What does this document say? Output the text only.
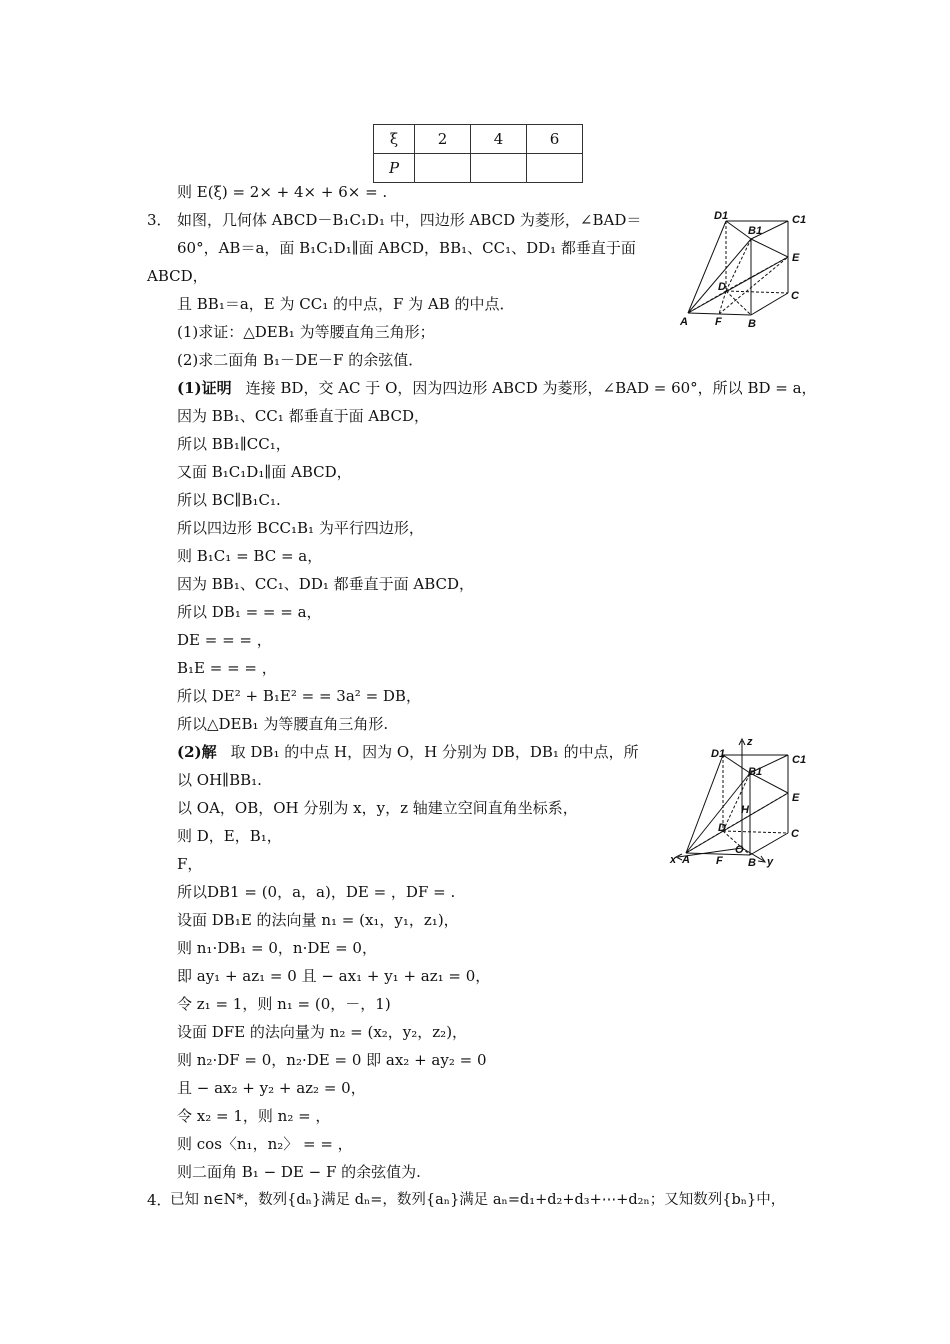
ξ	2	4	6
P			
则 E(ξ) = 2× + 4× + 6× = .
3． 如图，几何体 ABCD－B₁C₁D₁ 中，四边形 ABCD 为菱形，∠BAD＝
60°，AB＝a，面 B₁C₁D₁∥面 ABCD，BB₁、CC₁、DD₁ 都垂直于面
ABCD，
且 BB₁＝a，E 为 CC₁ 的中点，F 为 AB 的中点．
(1)求证：△DEB₁ 为等腰直角三角形；
(2)求二面角 B₁－DE－F 的余弦值．
(1)证明 连接 BD，交 AC 于 O，因为四边形 ABCD 为菱形，∠BAD = 60°，所以 BD = a，
因为 BB₁、CC₁ 都垂直于面 ABCD，
所以 BB₁∥CC₁，
又面 B₁C₁D₁∥面 ABCD，
所以 BC∥B₁C₁.
所以四边形 BCC₁B₁ 为平行四边形，
则 B₁C₁ = BC = a，
因为 BB₁、CC₁、DD₁ 都垂直于面 ABCD，
所以 DB₁ = = = a，
DE = = = ，
B₁E = = = ，
所以 DE² + B₁E² = = 3a² = DB，
所以△DEB₁ 为等腰直角三角形.
(2)解 取 DB₁ 的中点 H，因为 O，H 分别为 DB，DB₁ 的中点，所
以 OH∥BB₁.
以 OA，OB，OH 分别为 x，y，z 轴建立空间直角坐标系，
则 D，E，B₁，
F，
所以DB1 = (0，a，a)，DE = ，DF = .
设面 DB₁E 的法向量 n₁ = (x₁，y₁，z₁)，
则 n₁·DB₁ = 0，n·DE = 0，
即 ay₁ + az₁ = 0 且 − ax₁ + y₁ + az₁ = 0，
令 z₁ = 1，则 n₁ = (0，－，1)
设面 DFE 的法向量为 n₂ = (x₂，y₂，z₂)，
则 n₂·DF = 0，n₂·DE = 0 即 ax₂ + ay₂ = 0
且 − ax₂ + y₂ + az₂ = 0，
令 x₂ = 1，则 n₂ = ，
则 cos〈n₁，n₂〉 = = ，
则二面角 B₁ − DE − F 的余弦值为.
4．
已知 n∈N*，数列{dₙ}满足 dₙ=，数列{aₙ}满足 aₙ=d₁+d₂+d₃+⋯+d₂ₙ；又知数列{bₙ}中，
D1	C1
B1
E
D
C
A F B
z
D1	C1
B1
E
H
D	C
O
x A F B y
